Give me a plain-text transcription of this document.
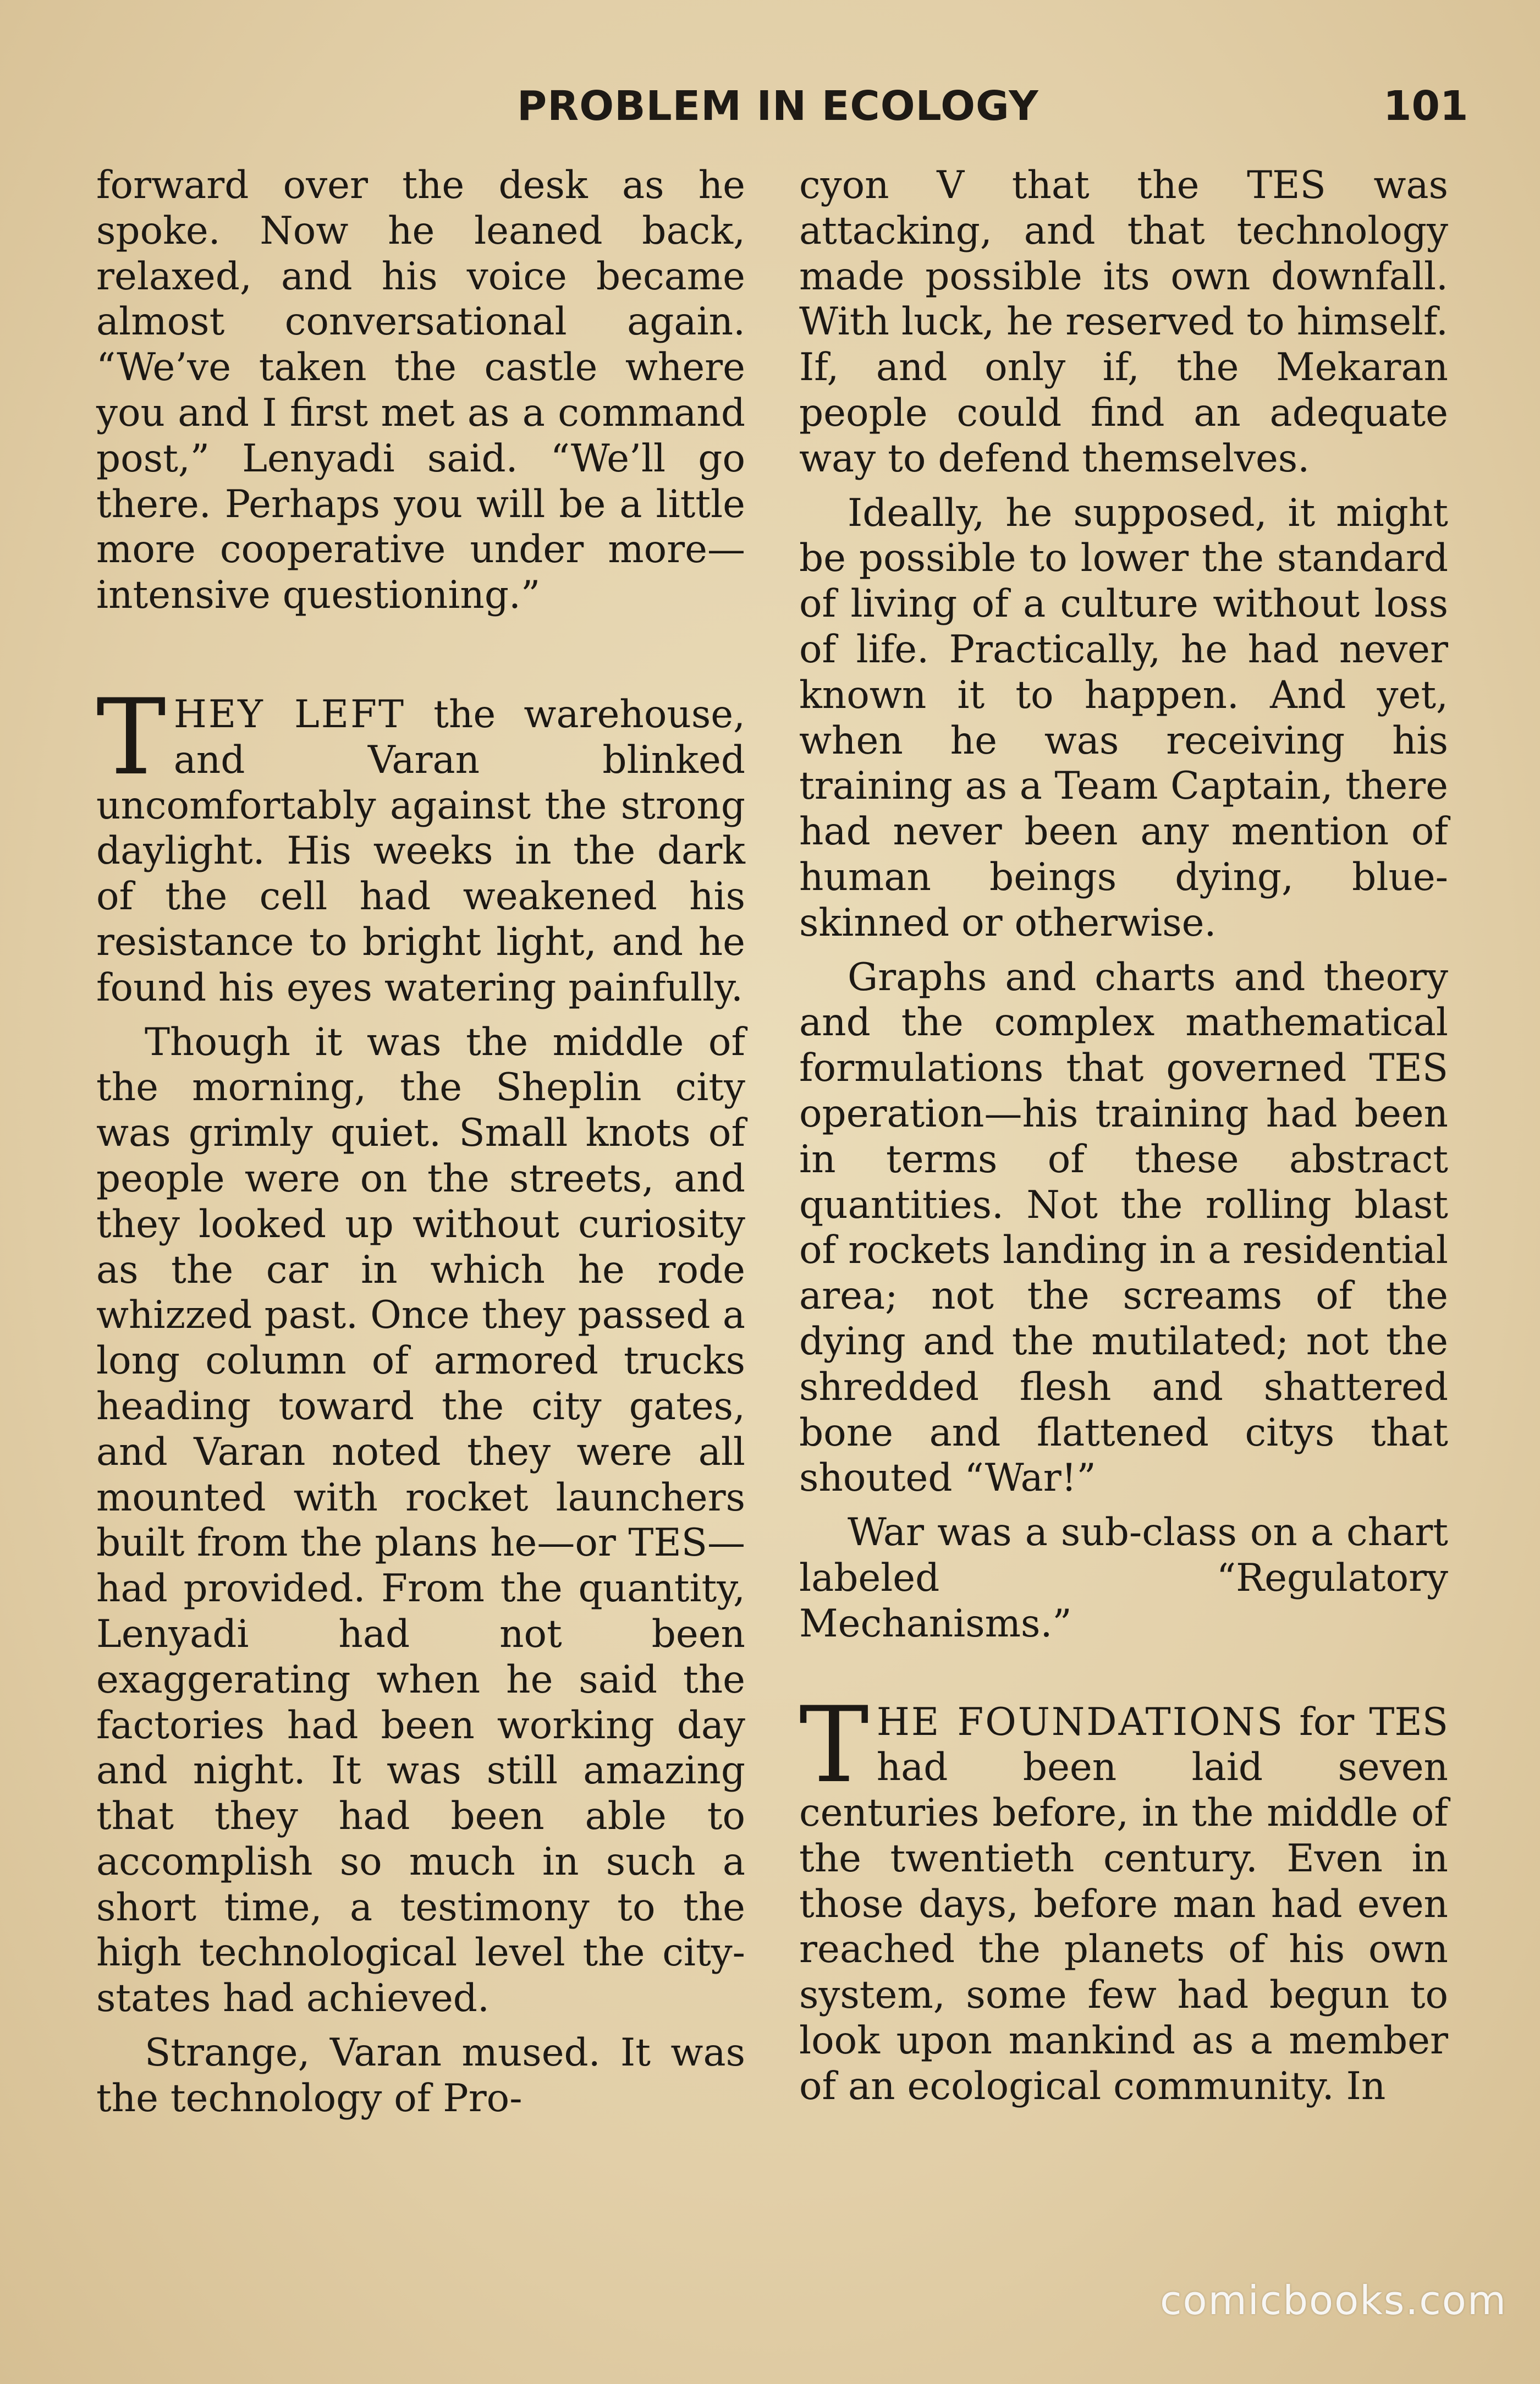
PROBLEM IN ECOLOGY	101

forward over the desk as he spoke. Now he leaned back, relaxed, and his voice became almost conversational again. “We’ve taken the castle where you and I first met as a command post,” Lenyadi said. “We’ll go there. Perhaps you will be a little more cooperative under more—intensive questioning.”

THEY LEFT the warehouse, and Varan blinked uncomfortably against the strong daylight. His weeks in the dark of the cell had weakened his resistance to bright light, and he found his eyes watering painfully.

Though it was the middle of the morning, the Sheplin city was grimly quiet. Small knots of people were on the streets, and they looked up without curiosity as the car in which he rode whizzed past. Once they passed a long column of armored trucks heading toward the city gates, and Varan noted they were all mounted with rocket launchers built from the plans he—or TES—had provided. From the quantity, Lenyadi had not been exaggerating when he said the factories had been working day and night. It was still amazing that they had been able to accomplish so much in such a short time, a testimony to the high technological level the city-states had achieved.

Strange, Varan mused. It was the technology of Pro-

cyon V that the TES was attacking, and that technology made possible its own downfall. With luck, he reserved to himself. If, and only if, the Mekaran people could find an adequate way to defend themselves.

Ideally, he supposed, it might be possible to lower the standard of living of a culture without loss of life. Practically, he had never known it to happen. And yet, when he was receiving his training as a Team Captain, there had never been any mention of human beings dying, blue-skinned or otherwise.

Graphs and charts and theory and the complex mathematical formulations that governed TES operation—his training had been in terms of these abstract quantities. Not the rolling blast of rockets landing in a residential area; not the screams of the dying and the mutilated; not the shredded flesh and shattered bone and flattened citys that shouted “War!”

War was a sub-class on a chart labeled “Regulatory Mechanisms.”

THE FOUNDATIONS for TES had been laid seven centuries before, in the middle of the twentieth century. Even in those days, before man had even reached the planets of his own system, some few had begun to look upon mankind as a member of an ecological community. In

comicbooks.com
